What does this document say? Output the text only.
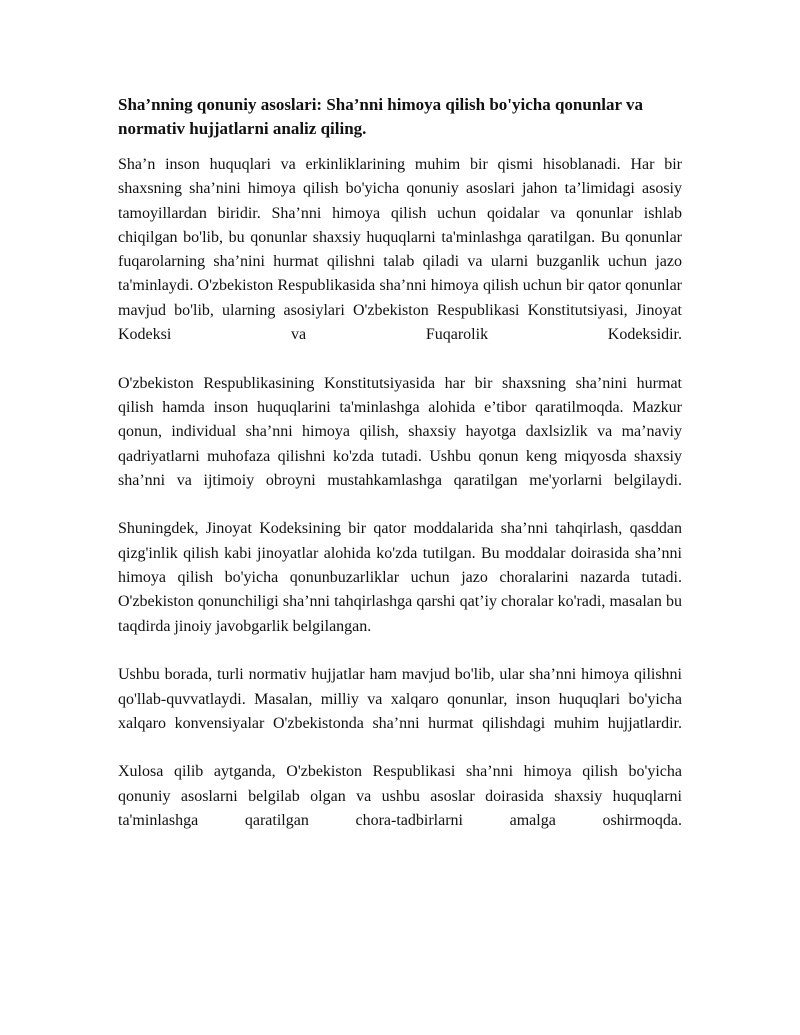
Sha’nning qonuniy asoslari: Sha’nni himoya qilish bo'yicha qonunlar va normativ hujjatlarni analiz qiling.
Sha’n inson huquqlari va erkinliklarining muhim bir qismi hisoblanadi. Har bir shaxsning sha’nini himoya qilish bo'yicha qonuniy asoslari jahon ta’limidagi asosiy tamoyillardan biridir. Sha’nni himoya qilish uchun qoidalar va qonunlar ishlab chiqilgan bo'lib, bu qonunlar shaxsiy huquqlarni ta'minlashga qaratilgan. Bu qonunlar fuqarolarning sha’nini hurmat qilishni talab qiladi va ularni buzganlik uchun jazo ta'minlaydi. O'zbekiston Respublikasida sha’nni himoya qilish uchun bir qator qonunlar mavjud bo'lib, ularning asosiylari O'zbekiston Respublikasi Konstitutsiyasi, Jinoyat Kodeksi va Fuqarolik Kodeksidir.
O'zbekiston Respublikasining Konstitutsiyasida har bir shaxsning sha’nini hurmat qilish hamda inson huquqlarini ta'minlashga alohida e’tibor qaratilmoqda. Mazkur qonun, individual sha’nni himoya qilish, shaxsiy hayotga daxlsizlik va ma’naviy qadriyatlarni muhofaza qilishni ko'zda tutadi. Ushbu qonun keng miqyosda shaxsiy sha’nni va ijtimoiy obroyni mustahkamlashga qaratilgan me'yorlarni belgilaydi.
Shuningdek, Jinoyat Kodeksining bir qator moddalarida sha’nni tahqirlash, qasddan qizg'inlik qilish kabi jinoyatlar alohida ko'zda tutilgan. Bu moddalar doirasida sha’nni himoya qilish bo'yicha qonunbuzarliklar uchun jazo choralarini nazarda tutadi. O'zbekiston qonunchiligi sha’nni tahqirlashga qarshi qat’iy choralar ko'radi, masalan bu taqdirda jinoiy javobgarlik belgilangan.
Ushbu borada, turli normativ hujjatlar ham mavjud bo'lib, ular sha’nni himoya qilishni qo'llab-quvvatlaydi. Masalan, milliy va xalqaro qonunlar, inson huquqlari bo'yicha xalqaro konvensiyalar O'zbekistonda sha’nni hurmat qilishdagi muhim hujjatlardir.
Xulosa qilib aytganda, O'zbekiston Respublikasi sha’nni himoya qilish bo'yicha qonuniy asoslarni belgilab olgan va ushbu asoslar doirasida shaxsiy huquqlarni ta'minlashga qaratilgan chora-tadbirlarni amalga oshirmoqda.
